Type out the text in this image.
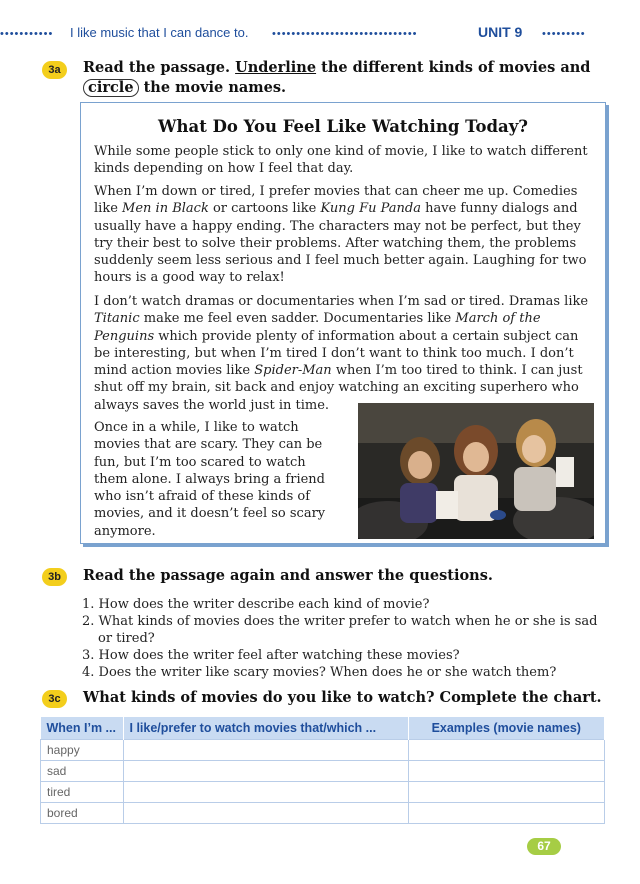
•••••••••••	I like music that I can dance to. ••••••••••••••••••••••••••••••	UNIT 9 •••••••••
3a	Read the passage. Underline the different kinds of movies and
circle the movie names.
What Do You Feel Like Watching Today?

While some people stick to only one kind of movie, I like to watch different kinds depending on how I feel that day.

When I’m down or tired, I prefer movies that can cheer me up. Comedies like Men in Black or cartoons like Kung Fu Panda have funny dialogs and usually have a happy ending. The characters may not be perfect, but they try their best to solve their problems. After watching them, the problems suddenly seem less serious and I feel much better again. Laughing for two hours is a good way to relax!

I don’t watch dramas or documentaries when I’m sad or tired. Dramas like Titanic make me feel even sadder. Documentaries like March of the Penguins which provide plenty of information about a certain subject can be interesting, but when I’m tired I don’t want to think too much. I don’t mind action movies like Spider-Man when I’m too tired to think. I can just shut off my brain, sit back and enjoy watching an exciting superhero who always saves the world just in time.

Once in a while, I like to watch movies that are scary. They can be fun, but I’m too scared to watch them alone. I always bring a friend who isn’t afraid of these kinds of movies, and it doesn’t feel so scary anymore.

3b	Read the passage again and answer the questions.

1. How does the writer describe each kind of movie?

2. What kinds of movies does the writer prefer to watch when he or she is sad or tired?

3. How does the writer feel after watching these movies?

4. Does the writer like scary movies? When does he or she watch them?

3c	What kinds of movies do you like to watch? Complete the chart.
When I’m ...	I like/prefer to watch movies that/which ...	Examples (movie names)
happy		
sad		
tired		
bored		
67
